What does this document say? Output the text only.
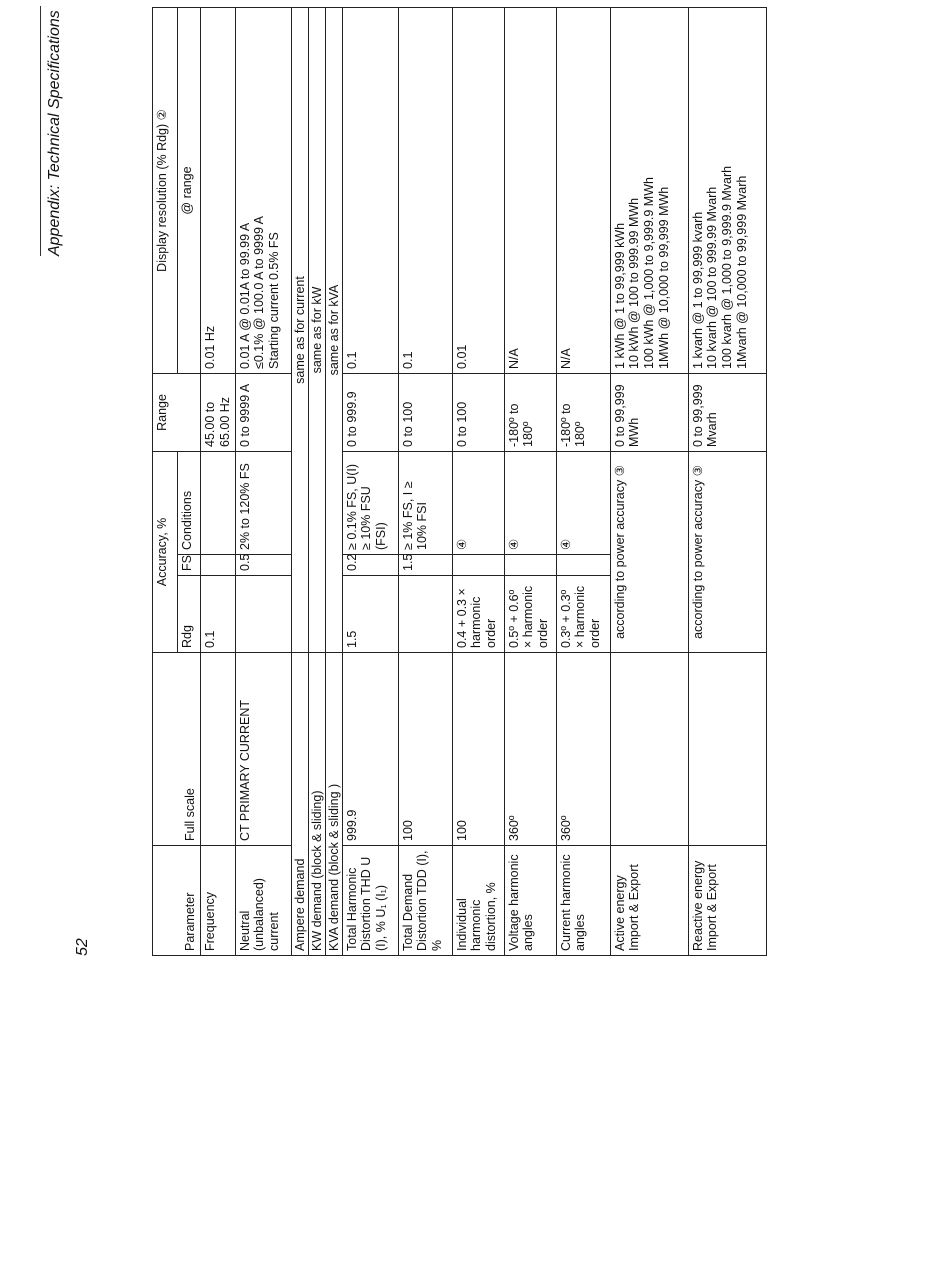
52
Appendix: Technical Specifications
Parameter	Full scale	Accuracy, %			Range	Display resolution (% Rdg) ②
		Rdg	FS	Conditions		@ range
Frequency		0.1			45.00 to 65.00 Hz	0.01 Hz

Neutral (unbalanced) current	CT PRIMARY CURRENT		0.5	2% to 120% FS	0 to 9999 A	0.01 A @ 0.01A to 99.99 A ≤0.1% @ 100.0 A to 9999 A Starting current 0.5% FS

Ampere demand		same as for current				
KW demand (block & sliding)		same as for kW				
KVA demand (block & sliding )		same as for kVA				
Total Harmonic Distortion THD U (I), % U₁ (I₁)	999.9	1.5	0.2	≥ 0.1% FS, U(I) ≥ 10% FSU (FSI)	0 to 999.9	0.1

Total Demand Distortion TDD (I), %	100		1.5	≥ 1% FS, I ≥ 10% FSI	0 to 100	0.1

Individual harmonic distortion, %	100	0.4 + 0.3 × harmonic order		④	0 to 100	0.01

Voltage harmonic angles	360º	0.5º + 0.6º × harmonic order		④	-180º to 180º	N/A

Current harmonic angles	360º	0.3º + 0.3º × harmonic order		④	-180º to 180º	N/A

Active energy Import & Export		according to power accuracy ③			0 to 99,999 MWh	1 kWh @ 1 to 99,999 kWh 10 kWh @ 100 to 999.99 MWh 100 kWh @ 1,000 to 9,999.9 MWh 1MWh @ 10,000 to 99,999 MWh

Reactive energy Import & Export		according to power accuracy ③			0 to 99,999 Mvarh	1 kvarh @ 1 to 99,999 kvarh 10 kvarh @ 100 to 999.99 Mvarh 100 kvarh @ 1,000 to 9,999.9 Mvarh 1Mvarh @ 10,000 to 99,999 Mvarh
